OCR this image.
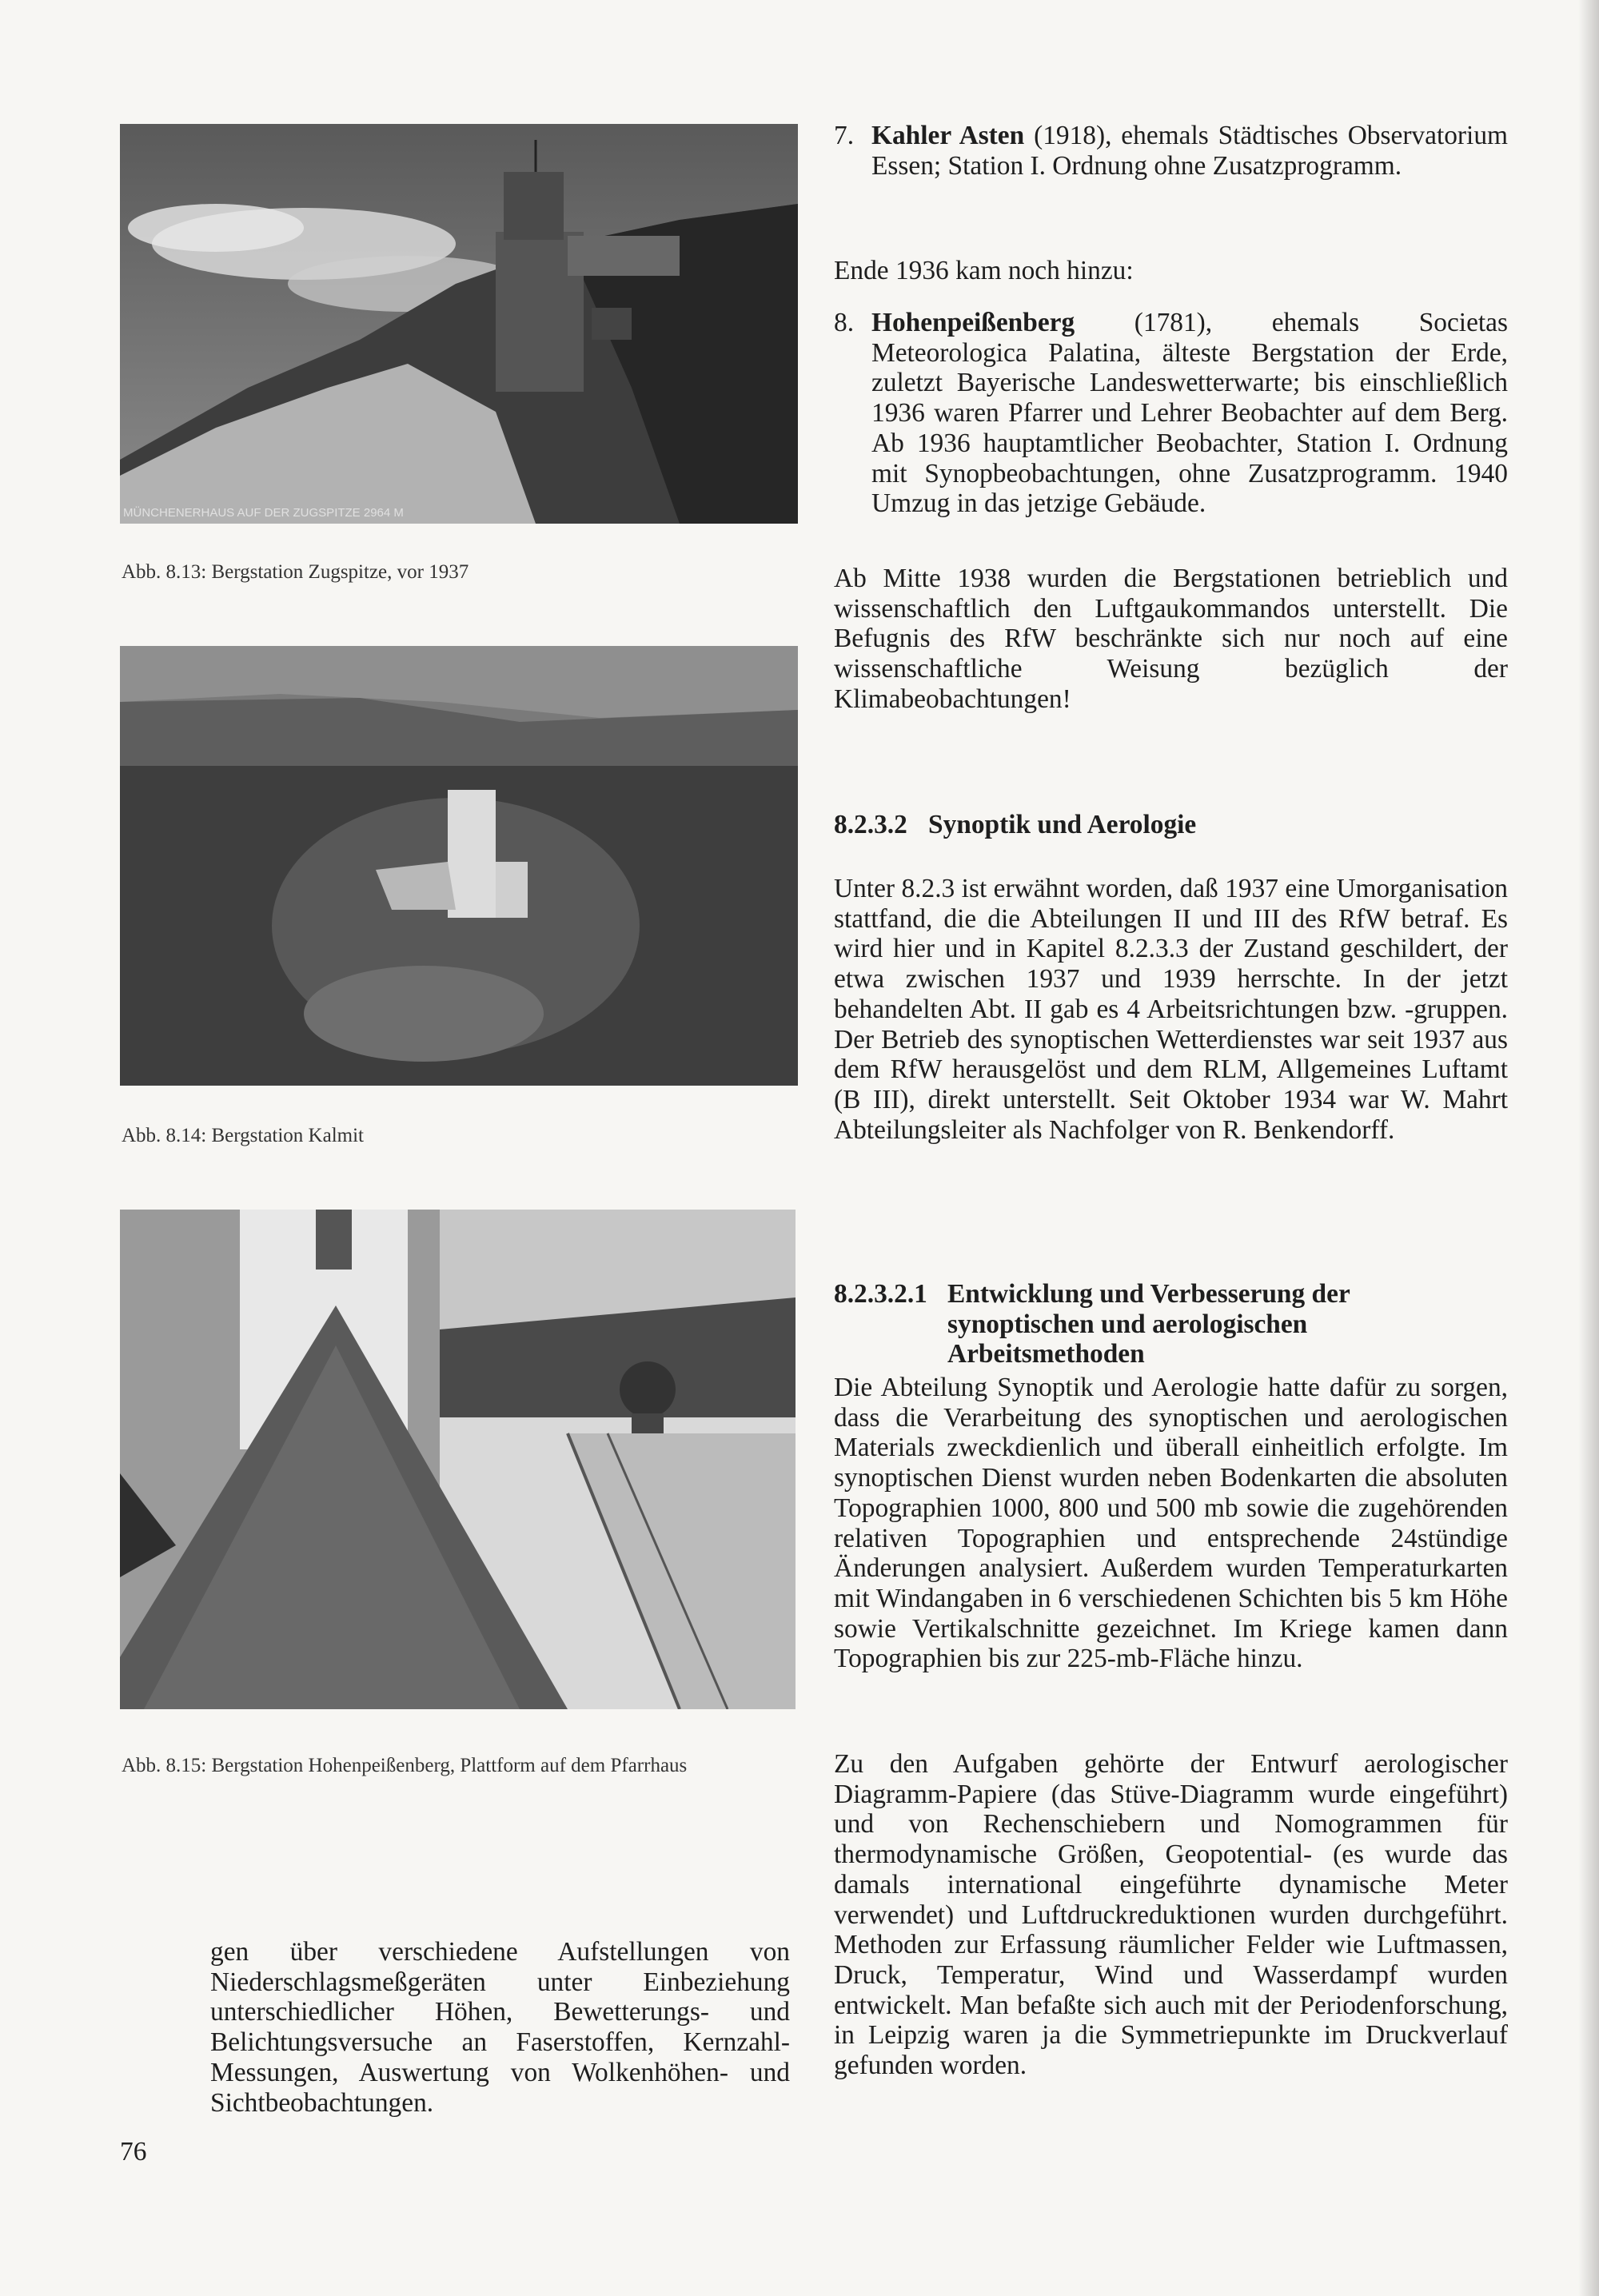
MÜNCHENERHAUS AUF DER ZUGSPITZE 2964 M
Abb. 8.13: Bergstation Zugspitze, vor 1937
Abb. 8.14: Bergstation Kalmit
Abb. 8.15: Bergstation Hohenpeißenberg, Plattform auf dem Pfarrhaus

gen über verschiedene Aufstellungen von Niederschlagsmeßgeräten unter Einbeziehung unterschiedlicher Höhen, Bewetterungs- und Belichtungsversuche an Faserstoffen, Kernzahl-Messungen, Auswertung von Wolkenhöhen- und Sichtbeobachtungen.

7. Kahler Asten (1918), ehemals Städtisches Observatorium Essen; Station I. Ordnung ohne Zusatzprogramm.

Ende 1936 kam noch hinzu:

8. Hohenpeißenberg (1781), ehemals Societas Meteorologica Palatina, älteste Bergstation der Erde, zuletzt Bayerische Landeswetterwarte; bis einschließlich 1936 waren Pfarrer und Lehrer Beobachter auf dem Berg. Ab 1936 hauptamtlicher Beobachter, Station I. Ordnung mit Synopbeobachtungen, ohne Zusatzprogramm. 1940 Umzug in das jetzige Gebäude.

Ab Mitte 1938 wurden die Bergstationen betrieblich und wissenschaftlich den Luftgaukommandos unterstellt. Die Befugnis des RfW beschränkte sich nur noch auf eine wissenschaftliche Weisung bezüglich der Klimabeobachtungen!

8.2.3.2 Synoptik und Aerologie

Unter 8.2.3 ist erwähnt worden, daß 1937 eine Umorganisation stattfand, die die Abteilungen II und III des RfW betraf. Es wird hier und in Kapitel 8.2.3.3 der Zustand geschildert, der etwa zwischen 1937 und 1939 herrschte. In der jetzt behandelten Abt. II gab es 4 Arbeitsrichtungen bzw. -gruppen. Der Betrieb des synoptischen Wetterdienstes war seit 1937 aus dem RfW herausgelöst und dem RLM, Allgemeines Luftamt (B III), direkt unterstellt. Seit Oktober 1934 war W. Mahrt Abteilungsleiter als Nachfolger von R. Benkendorff.

8.2.3.2.1 Entwicklung und Verbesserung der synoptischen und aerologischen Arbeitsmethoden

Die Abteilung Synoptik und Aerologie hatte dafür zu sorgen, dass die Verarbeitung des synoptischen und aerologischen Materials zweckdienlich und überall einheitlich erfolgte. Im synoptischen Dienst wurden neben Bodenkarten die absoluten Topographien 1000, 800 und 500 mb sowie die zugehörenden relativen Topographien und entsprechende 24stündige Änderungen analysiert. Außerdem wurden Temperaturkarten mit Windangaben in 6 verschiedenen Schichten bis 5 km Höhe sowie Vertikalschnitte gezeichnet. Im Kriege kamen dann Topographien bis zur 225-mb-Fläche hinzu.

Zu den Aufgaben gehörte der Entwurf aerologischer Diagramm-Papiere (das Stüve-Diagramm wurde eingeführt) und von Rechenschiebern und Nomogrammen für thermodynamische Größen, Geopotential- (es wurde das damals international eingeführte dynamische Meter verwendet) und Luftdruckreduktionen wurden durchgeführt. Methoden zur Erfassung räumlicher Felder wie Luftmassen, Druck, Temperatur, Wind und Wasserdampf wurden entwickelt. Man befaßte sich auch mit der Periodenforschung, in Leipzig waren ja die Symmetriepunkte im Druckverlauf gefunden worden.

76
